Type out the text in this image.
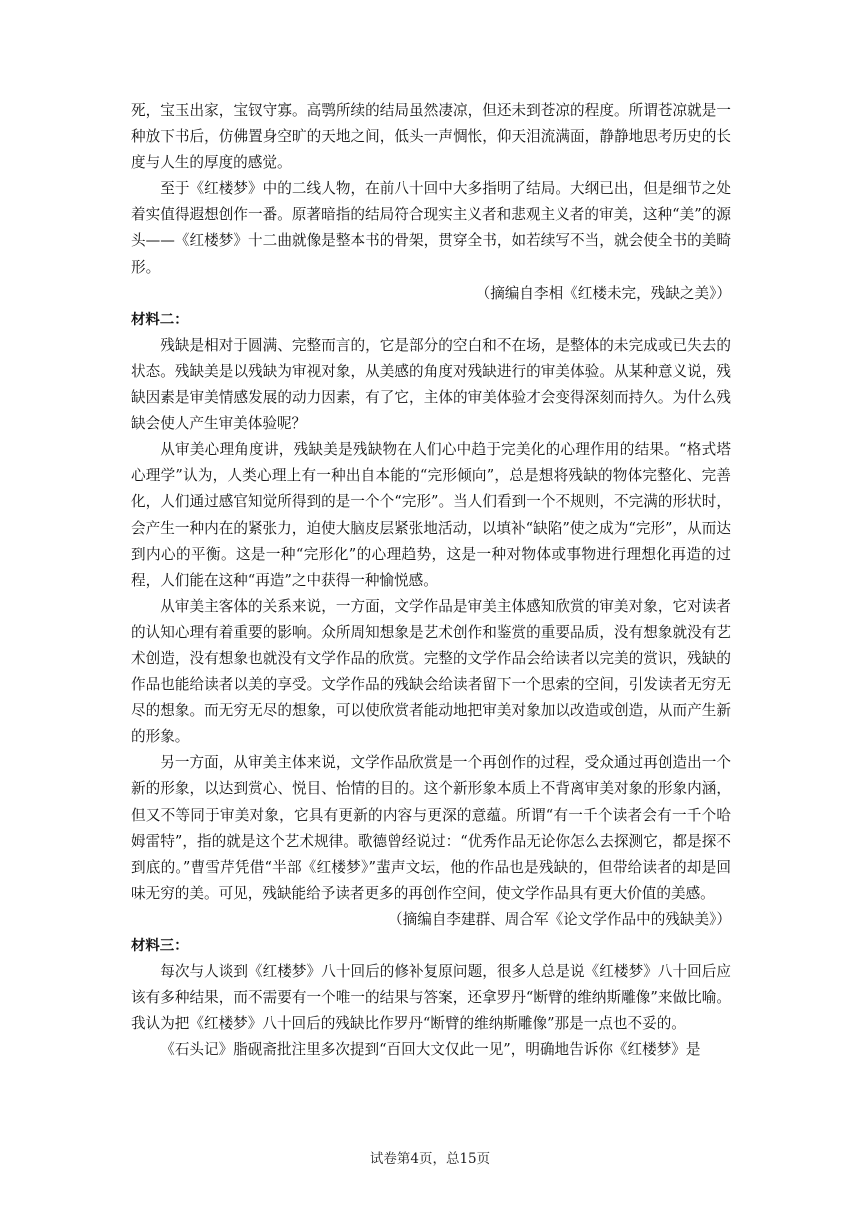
死，宝玉出家，宝钗守寡。高鹗所续的结局虽然凄凉，但还未到苍凉的程度。所谓苍凉就是一种放下书后，仿佛置身空旷的天地之间，低头一声惆怅，仰天泪流满面，静静地思考历史的长度与人生的厚度的感觉。

至于《红楼梦》中的二线人物，在前八十回中大多指明了结局。大纲已出，但是细节之处着实值得遐想创作一番。原著暗指的结局符合现实主义者和悲观主义者的审美，这种“美”的源头——《红楼梦》十二曲就像是整本书的骨架，贯穿全书，如若续写不当，就会使全书的美畸形。

（摘编自李相《红楼未完，残缺之美》）

材料二：

残缺是相对于圆满、完整而言的，它是部分的空白和不在场，是整体的未完成或已失去的状态。残缺美是以残缺为审视对象，从美感的角度对残缺进行的审美体验。从某种意义说，残缺因素是审美情感发展的动力因素，有了它，主体的审美体验才会变得深刻而持久。为什么残缺会使人产生审美体验呢？

从审美心理角度讲，残缺美是残缺物在人们心中趋于完美化的心理作用的结果。“格式塔心理学”认为，人类心理上有一种出自本能的“完形倾向”，总是想将残缺的物体完整化、完善化，人们通过感官知觉所得到的是一个个“完形”。当人们看到一个不规则，不完满的形状时，会产生一种内在的紧张力，迫使大脑皮层紧张地活动，以填补“缺陷”使之成为“完形”，从而达到内心的平衡。这是一种“完形化”的心理趋势，这是一种对物体或事物进行理想化再造的过程，人们能在这种“再造”之中获得一种愉悦感。

从审美主客体的关系来说，一方面，文学作品是审美主体感知欣赏的审美对象，它对读者的认知心理有着重要的影响。众所周知想象是艺术创作和鉴赏的重要品质，没有想象就没有艺术创造，没有想象也就没有文学作品的欣赏。完整的文学作品会给读者以完美的赏识，残缺的作品也能给读者以美的享受。文学作品的残缺会给读者留下一个思索的空间，引发读者无穷无尽的想象。而无穷无尽的想象，可以使欣赏者能动地把审美对象加以改造或创造，从而产生新的形象。

另一方面，从审美主体来说，文学作品欣赏是一个再创作的过程，受众通过再创造出一个新的形象，以达到赏心、悦目、怡情的目的。这个新形象本质上不背离审美对象的形象内涵，但又不等同于审美对象，它具有更新的内容与更深的意蕴。所谓“有一千个读者会有一千个哈姆雷特”，指的就是这个艺术规律。歌德曾经说过：“优秀作品无论你怎么去探测它，都是探不到底的。”曹雪芹凭借“半部《红楼梦》”蜚声文坛，他的作品也是残缺的，但带给读者的却是回味无穷的美。可见，残缺能给予读者更多的再创作空间，使文学作品具有更大价值的美感。

（摘编自李建群、周合军《论文学作品中的残缺美》）

材料三：

每次与人谈到《红楼梦》八十回后的修补复原问题，很多人总是说《红楼梦》八十回后应该有多种结果，而不需要有一个唯一的结果与答案，还拿罗丹“断臂的维纳斯雕像”来做比喻。我认为把《红楼梦》八十回后的残缺比作罗丹“断臂的维纳斯雕像”那是一点也不妥的。

《石头记》脂砚斋批注里多次提到“百回大文仅此一见”，明确地告诉你《红楼梦》是

试卷第4页，总15页
